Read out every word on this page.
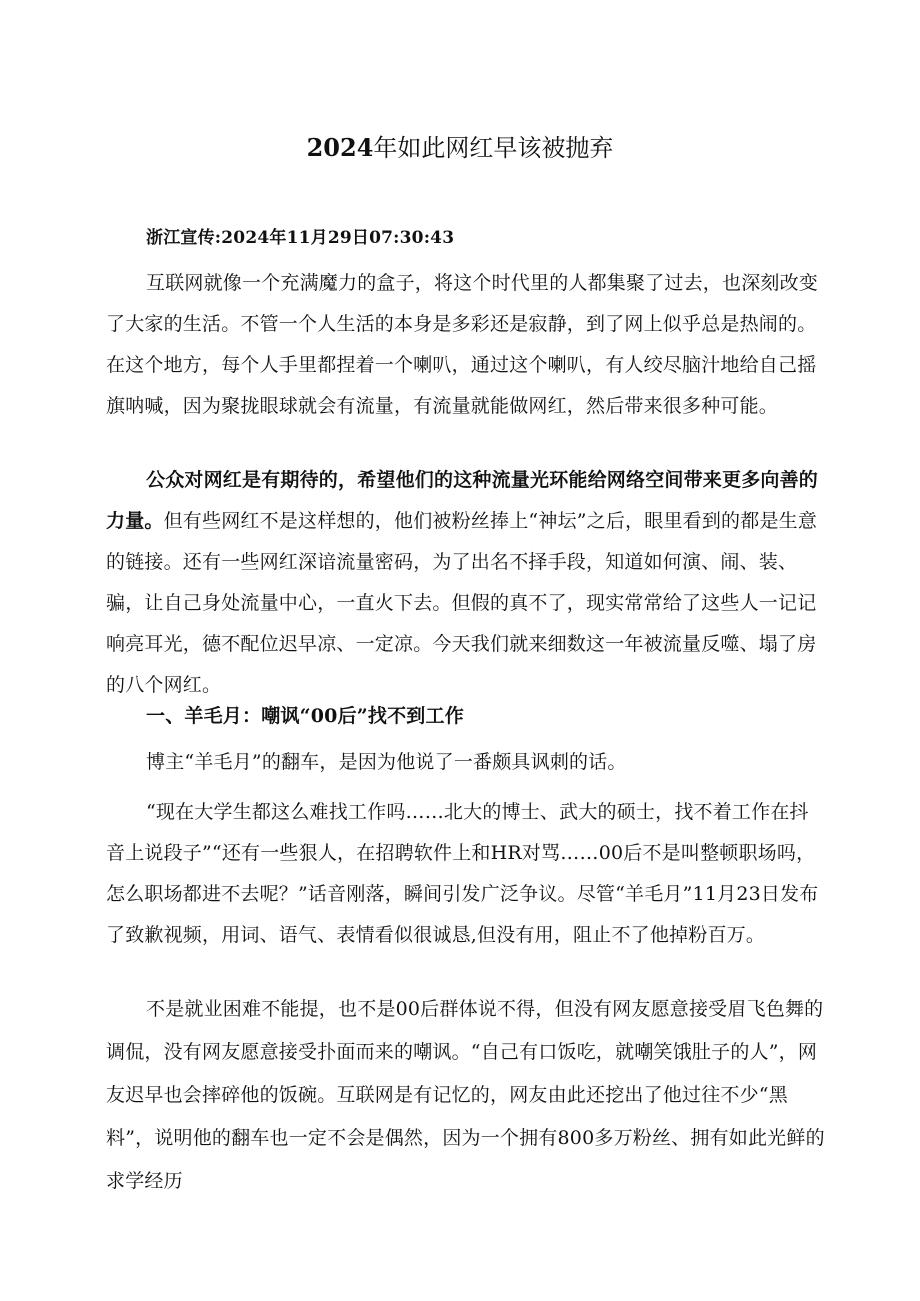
2024年如此网红早该被抛弃

浙江宣传:2024年11月29日07:30:43

互联网就像一个充满魔力的盒子，将这个时代里的人都集聚了过去，也深刻改变了大家的生活。不管一个人生活的本身是多彩还是寂静，到了网上似乎总是热闹的。在这个地方，每个人手里都捏着一个喇叭，通过这个喇叭，有人绞尽脑汁地给自己摇旗呐喊，因为聚拢眼球就会有流量，有流量就能做网红，然后带来很多种可能。

公众对网红是有期待的，希望他们的这种流量光环能给网络空间带来更多向善的力量。但有些网红不是这样想的，他们被粉丝捧上“神坛”之后，眼里看到的都是生意的链接。还有一些网红深谙流量密码，为了出名不择手段，知道如何演、闹、装、骗，让自己身处流量中心，一直火下去。但假的真不了，现实常常给了这些人一记记响亮耳光，德不配位迟早凉、一定凉。今天我们就来细数这一年被流量反噬、塌了房的八个网红。

一、羊毛月：嘲讽“00后”找不到工作

博主“羊毛月”的翻车，是因为他说了一番颇具讽刺的话。

“现在大学生都这么难找工作吗……北大的博士、武大的硕士，找不着工作在抖音上说段子”“还有一些狠人，在招聘软件上和HR对骂……00后不是叫整顿职场吗，怎么职场都进不去呢？”话音刚落，瞬间引发广泛争议。尽管“羊毛月”11月23日发布了致歉视频，用词、语气、表情看似很诚恳,但没有用，阻止不了他掉粉百万。

不是就业困难不能提，也不是00后群体说不得，但没有网友愿意接受眉飞色舞的调侃，没有网友愿意接受扑面而来的嘲讽。“自己有口饭吃，就嘲笑饿肚子的人”，网友迟早也会摔碎他的饭碗。互联网是有记忆的，网友由此还挖出了他过往不少“黑料”，说明他的翻车也一定不会是偶然，因为一个拥有800多万粉丝、拥有如此光鲜的求学经历
